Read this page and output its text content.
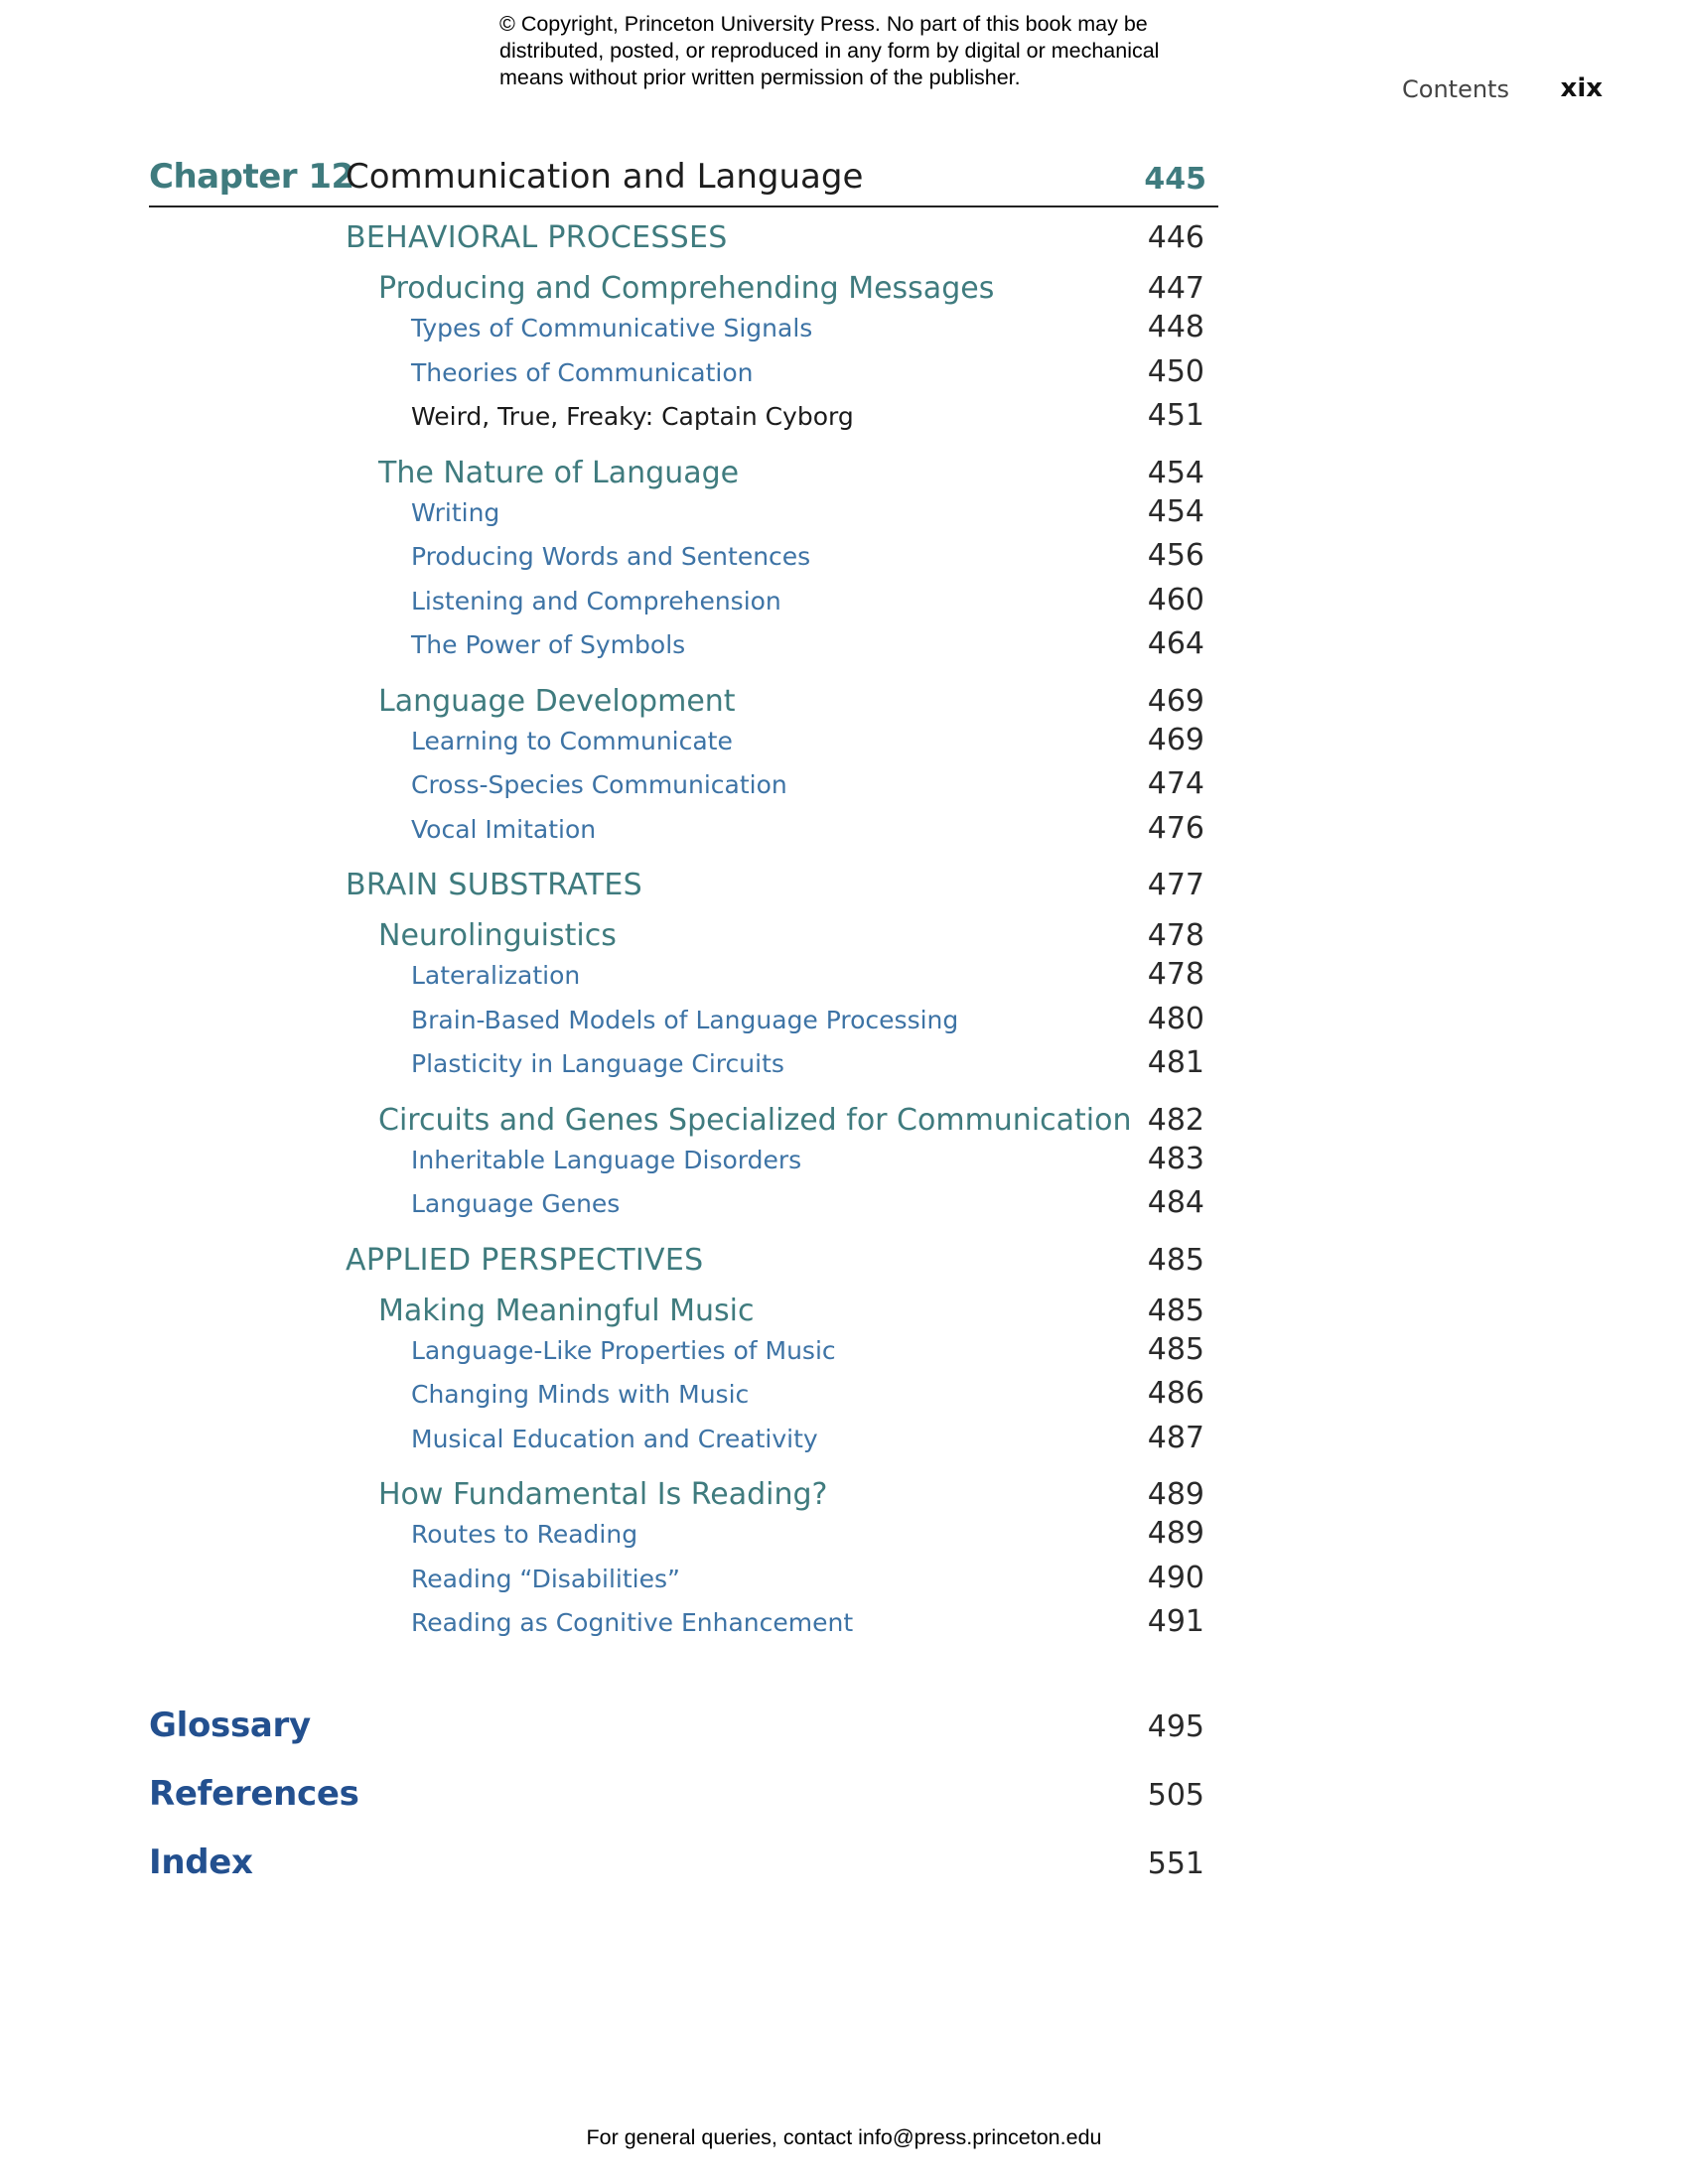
© Copyright, Princeton University Press. No part of this book may be
distributed, posted, or reproduced in any form by digital or mechanical
means without prior written permission of the publisher.	Contents xix
Chapter 12
Communication and Language	445
BEHAVIORAL PROCESSES	446
Producing and Comprehending Messages	447
Types of Communicative Signals	448
Theories of Communication	450
Weird, True, Freaky: Captain Cyborg	451
The Nature of Language	454
Writing	454
Producing Words and Sentences	456
Listening and Comprehension	460
The Power of Symbols	464
Language Development	469
Learning to Communicate	469
Cross-Species Communication	474
Vocal Imitation	476
BRAIN SUBSTRATES	477
Neurolinguistics	478
Lateralization	478
Brain-Based Models of Language Processing	480
Plasticity in Language Circuits	481
Circuits and Genes Specialized for Communication 482
Inheritable Language Disorders	483
Language Genes	484
APPLIED PERSPECTIVES	485
Making Meaningful Music	485
Language-Like Properties of Music	485
Changing Minds with Music	486
Musical Education and Creativity	487
How Fundamental Is Reading?	489
Routes to Reading	489
Reading “Disabilities”	490
Reading as Cognitive Enhancement	491
Glossary	495
References	505
Index	551
For general queries, contact info@press.princeton.edu
